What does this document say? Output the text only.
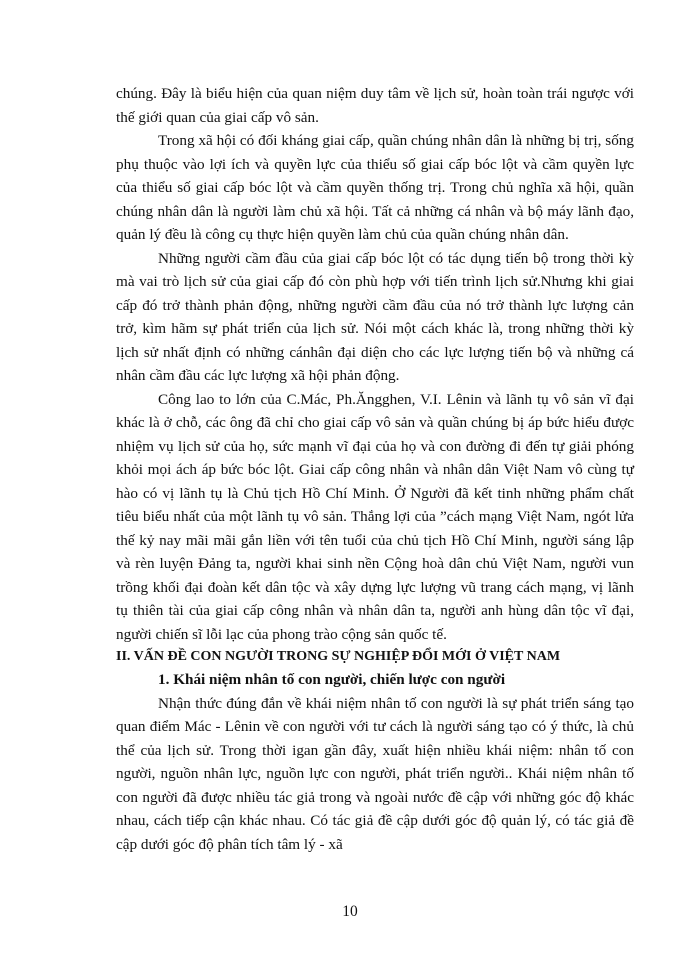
chúng. Đây là biểu hiện của quan niệm duy tâm về lịch sử, hoàn toàn trái ngược với thế giới quan của giai cấp vô sản.

Trong xã hội có đối kháng giai cấp, quần chúng nhân dân là những bị trị, sống phụ thuộc vào lợi ích và quyền lực của thiểu số giai cấp bóc lột và cầm quyền lực của thiểu số giai cấp bóc lột và cầm quyền thống trị. Trong chủ nghĩa xã hội, quần chúng nhân dân là người làm chủ xã hội. Tất cả những cá nhân và bộ máy lãnh đạo, quản lý đều là công cụ thực hiện quyền làm chủ của quần chúng nhân dân.

Những người cầm đầu của giai cấp bóc lột có tác dụng tiến bộ trong thời kỳ mà vai trò lịch sử của giai cấp đó còn phù hợp với tiến trình lịch sử.Nhưng khi giai cấp đó trở thành phản động, những người cầm đầu của nó trở thành lực lượng cản trở, kìm hãm sự phát triển của lịch sử. Nói một cách khác là, trong những thời kỳ lịch sử nhất định có những cánhân đại diện cho các lực lượng tiến bộ và những cá nhân cầm đầu các lực lượng xã hội phản động.

Công lao to lớn của C.Mác, Ph.Ăngghen, V.I. Lênin và lãnh tụ vô sản vĩ đại khác là ở chỗ, các ông đã chỉ cho giai cấp vô sản và quần chúng bị áp bức hiểu được nhiệm vụ lịch sử của họ, sức mạnh vĩ đại của họ và con đường đi đến tự giải phóng khỏi mọi ách áp bức bóc lột. Giai cấp công nhân và nhân dân Việt Nam vô cùng tự hào có vị lãnh tụ là Chủ tịch Hồ Chí Minh. Ở Người đã kết tinh những phẩm chất tiêu biểu nhất của một lãnh tụ vô sản. Thắng lợi của ”cách mạng Việt Nam, ngót lửa thế kỷ nay mãi mãi gắn liền với tên tuổi của chủ tịch Hồ Chí Minh, người sáng lập và rèn luyện Đảng ta, người khai sinh nền Cộng hoà dân chủ Việt Nam, người vun trồng khối đại đoàn kết dân tộc và xây dựng lực lượng vũ trang cách mạng, vị lãnh tụ thiên tài của giai cấp công nhân và nhân dân ta, người anh hùng dân tộc vĩ đại, người chiến sĩ lỗi lạc của phong trào cộng sản quốc tế.

II. VẤN ĐỀ CON NGƯỜI TRONG SỰ NGHIỆP ĐỔI MỚI Ở VIỆT NAM

1. Khái niệm nhân tố con người, chiến lược con người

Nhận thức đúng đắn về khái niệm nhân tố con người là sự phát triển sáng tạo quan điểm Mác - Lênin về con người với tư cách là người sáng tạo có ý thức, là chủ thể của lịch sử. Trong thời igan gần đây, xuất hiện nhiều khái niệm: nhân tố con người, nguồn nhân lực, nguồn lực con người, phát triển người.. Khái niệm nhân tố con người đã được nhiều tác giả trong và ngoài nước đề cập với những góc độ khác nhau, cách tiếp cận khác nhau. Có tác giả đề cập dưới góc độ quản lý, có tác giả đề cập dưới góc độ phân tích tâm lý - xã

10
